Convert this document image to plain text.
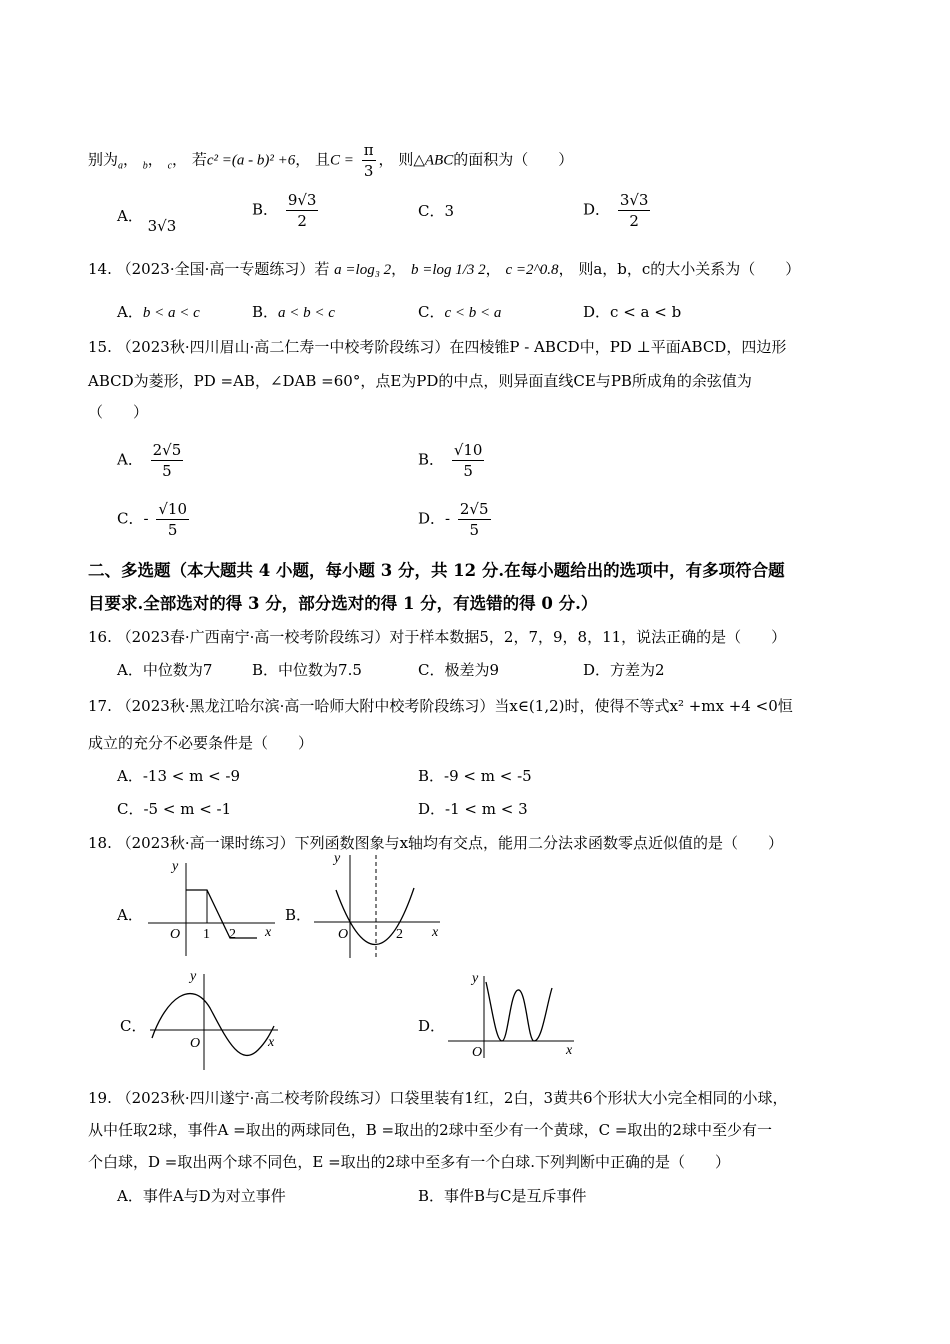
别为$_a$， $_b$， $_c$， 若c² =(a - b)² +6， 且$C = \frac{\pi}{3}$ ， 则△ABC的面积为（　　）
A． 3√3
B． $\frac{9√3}{2}$	C．3	D． $\frac{3√3}{2}$
14. （2023·全国·高一专题练习）若 a =log₃ 2， b =log 1/3 2， c =2^0.8， 则a，b，c的大小关系为（　　）
A．b < a < c	B．a < b < c	C．c < b < a	D．c < a < b
15. （2023秋·四川眉山·高二仁寿一中校考阶段练习）在四棱锥P - ABCD中，PD ⊥平面ABCD，四边形
ABCD为菱形，PD =AB，∠DAB =60°，点E为PD的中点，则异面直线CE与PB所成角的余弦值为
（　　）
A． $\frac{2√5}{5}$	B． $\frac{√10}{5}$
C．- $\frac{√10}{5}$	D．- $\frac{2√5}{5}$
二、多选题（本大题共 4 小题，每小题 3 分，共 12 分.在每小题给出的选项中，有多项符合题
目要求.全部选对的得 3 分，部分选对的得 1 分，有选错的得 0 分.）
16. （2023春·广西南宁·高一校考阶段练习）对于样本数据5，2，7，9，8，11，说法正确的是（　　）
A．中位数为7	B．中位数为7.5	C．极差为9	D．方差为2
17. （2023秋·黑龙江哈尔滨·高一哈师大附中校考阶段练习）当x∈(1,2)时，使得不等式x² +mx +4 <0恒
成立的充分不必要条件是（　　）
A．-13 < m < -9	B．-9 < m < -5
C．-5 < m < -1	D．-1 < m < 3
18. （2023秋·高一课时练习）下列函数图象与x轴均有交点，能用二分法求函数零点近似值的是（　　）
A．	B．
C．	D．
y
O 1 2 x
y
O	2 x
y
O	x
y
O	x
19. （2023秋·四川遂宁·高二校考阶段练习）口袋里装有1红，2白，3黄共6个形状大小完全相同的小球，
从中任取2球，事件A =取出的两球同色，B =取出的2球中至少有一个黄球，C =取出的2球中至少有一
个白球，D =取出两个球不同色，E =取出的2球中至多有一个白球.下列判断中正确的是（　　）
A．事件A与D为对立事件	B．事件B与C是互斥事件
